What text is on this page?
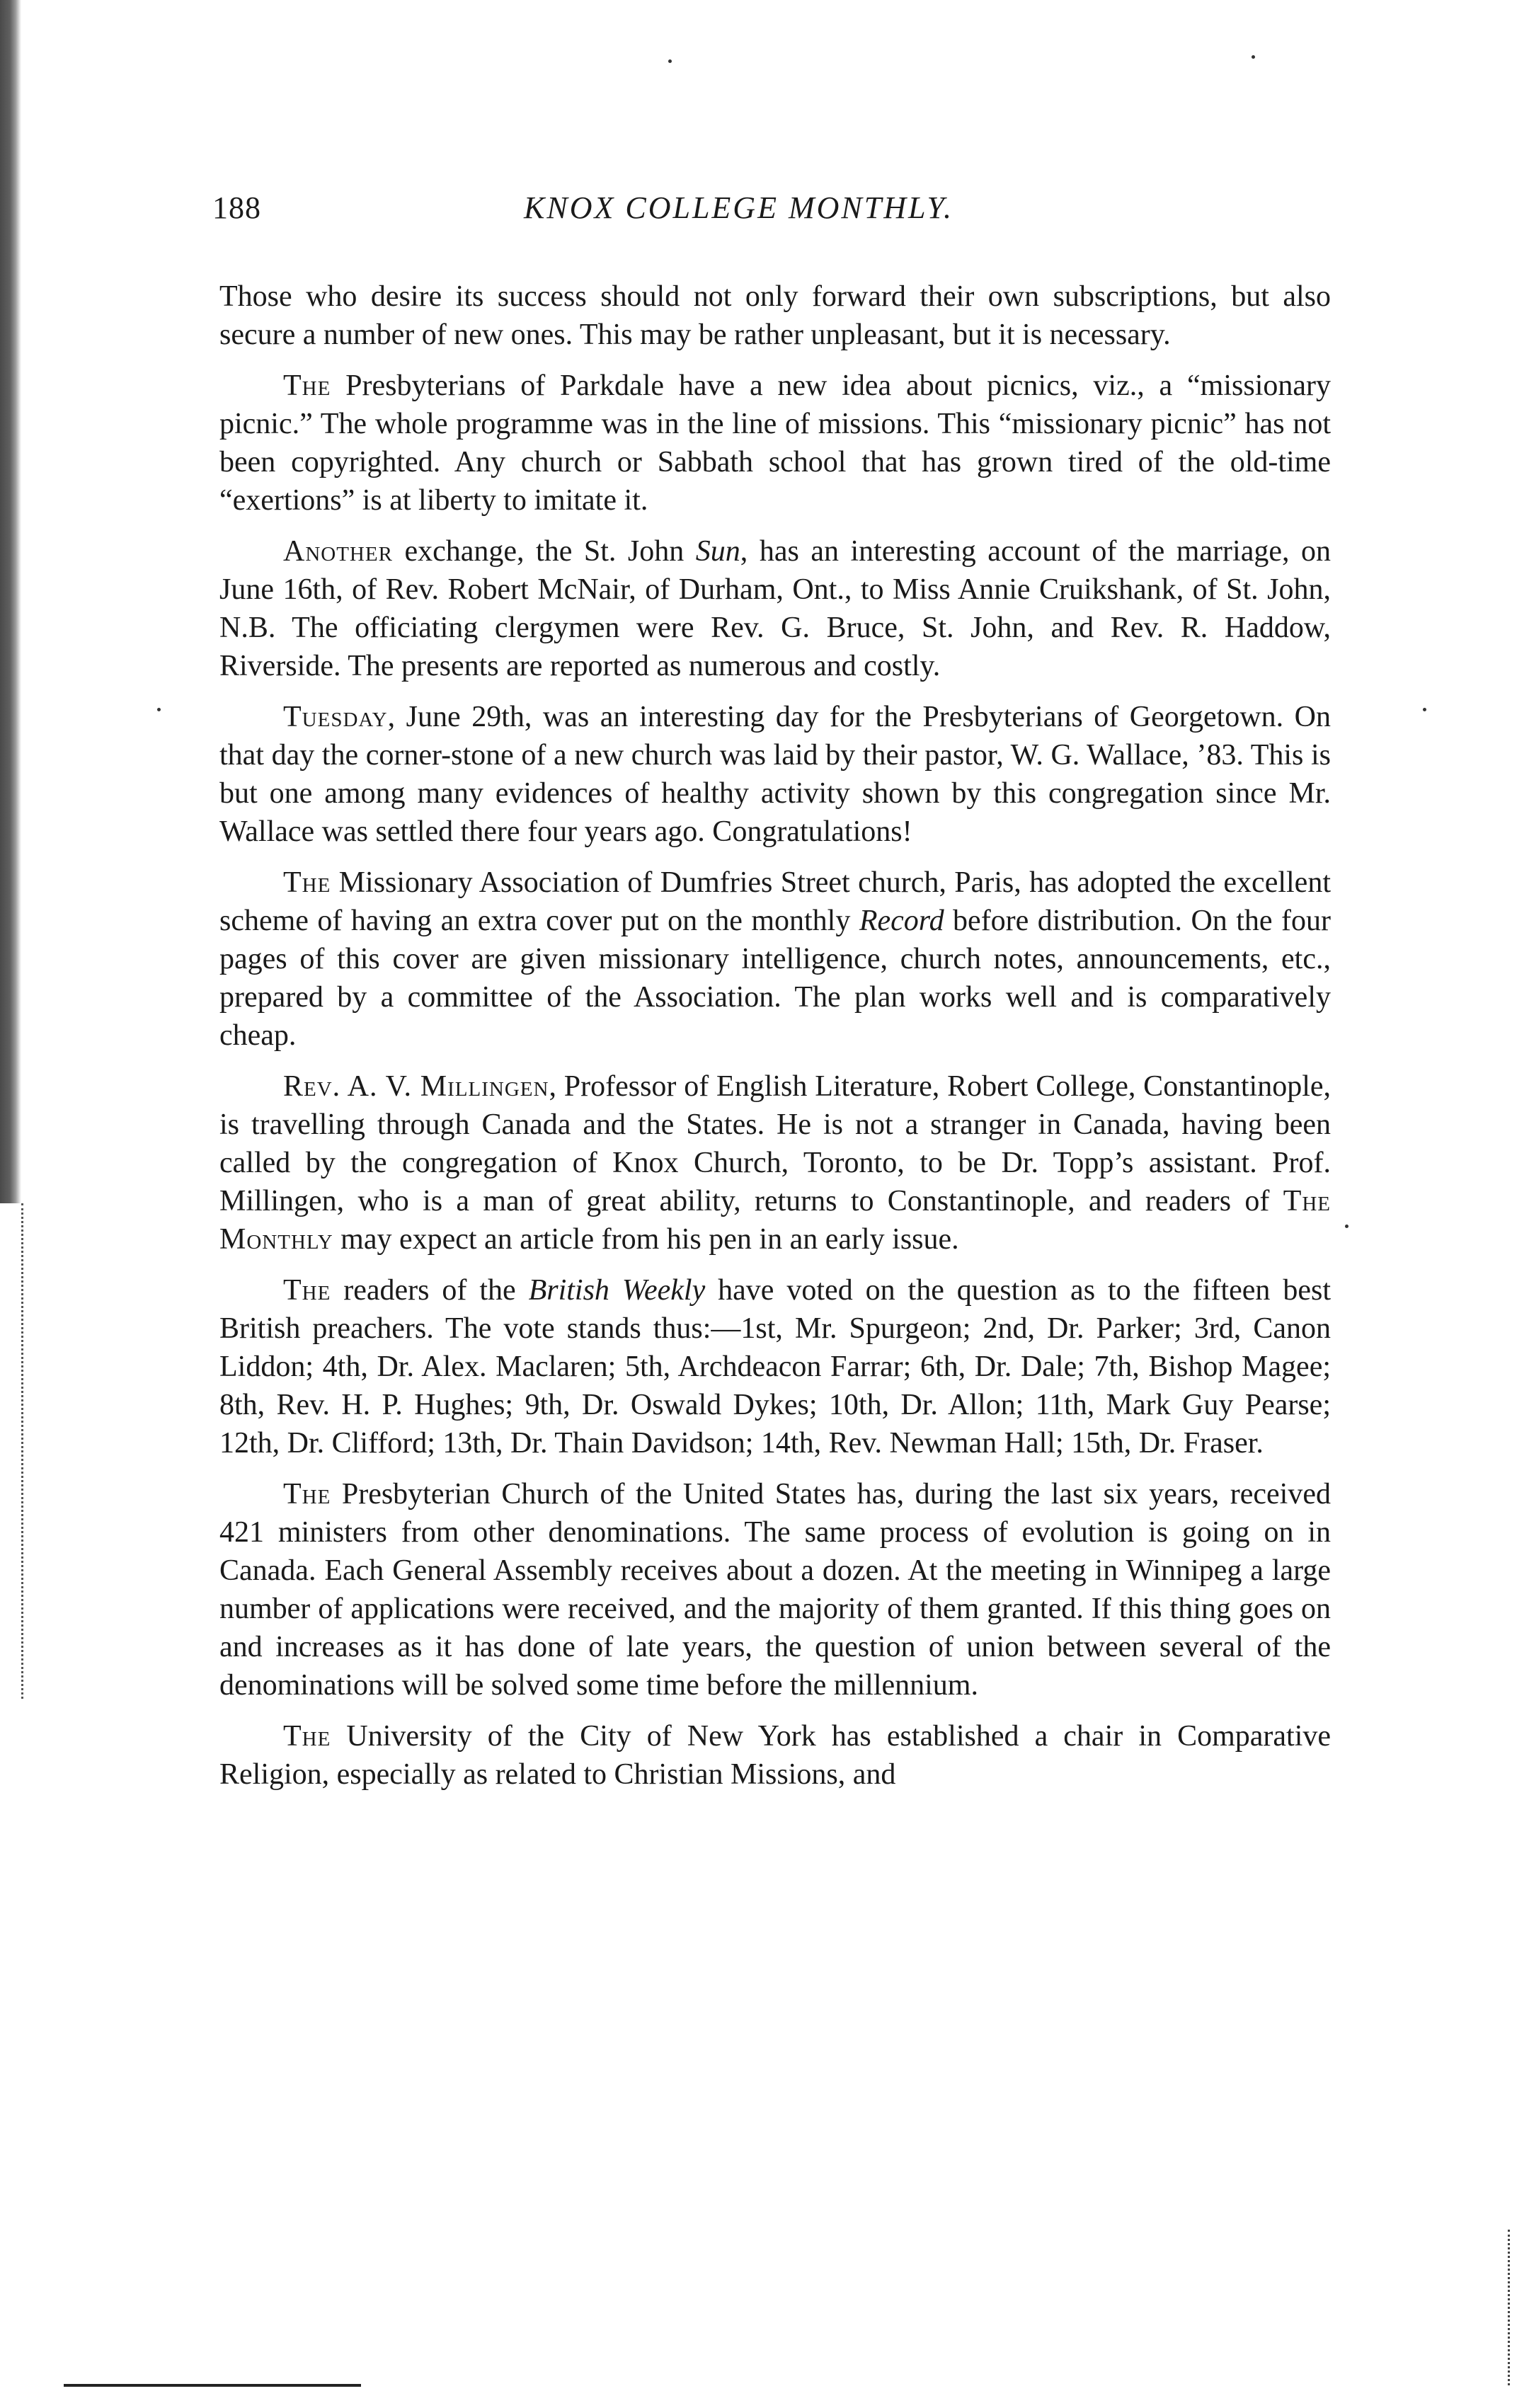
188	KNOX COLLEGE MONTHLY.

Those who desire its success should not only forward their own subscriptions, but also secure a number of new ones. This may be rather unpleasant, but it is necessary.

The Presbyterians of Parkdale have a new idea about picnics, viz., a “missionary picnic.” The whole programme was in the line of missions. This “missionary picnic” has not been copyrighted. Any church or Sabbath school that has grown tired of the old-time “exertions” is at liberty to imitate it.

Another exchange, the St. John Sun, has an interesting account of the marriage, on June 16th, of Rev. Robert McNair, of Durham, Ont., to Miss Annie Cruikshank, of St. John, N.B. The officiating clergymen were Rev. G. Bruce, St. John, and Rev. R. Haddow, Riverside. The presents are reported as numerous and costly.

Tuesday, June 29th, was an interesting day for the Presbyterians of Georgetown. On that day the corner-stone of a new church was laid by their pastor, W. G. Wallace, ’83. This is but one among many evidences of healthy activity shown by this congregation since Mr. Wallace was settled there four years ago. Congratulations!

The Missionary Association of Dumfries Street church, Paris, has adopted the excellent scheme of having an extra cover put on the monthly Record before distribution. On the four pages of this cover are given missionary intelligence, church notes, announcements, etc., prepared by a committee of the Association. The plan works well and is comparatively cheap.

Rev. A. V. Millingen, Professor of English Literature, Robert College, Constantinople, is travelling through Canada and the States. He is not a stranger in Canada, having been called by the congregation of Knox Church, Toronto, to be Dr. Topp’s assistant. Prof. Millingen, who is a man of great ability, returns to Constantinople, and readers of The Monthly may expect an article from his pen in an early issue.

The readers of the British Weekly have voted on the question as to the fifteen best British preachers. The vote stands thus:—1st, Mr. Spurgeon; 2nd, Dr. Parker; 3rd, Canon Liddon; 4th, Dr. Alex. Maclaren; 5th, Archdeacon Farrar; 6th, Dr. Dale; 7th, Bishop Magee; 8th, Rev. H. P. Hughes; 9th, Dr. Oswald Dykes; 10th, Dr. Allon; 11th, Mark Guy Pearse; 12th, Dr. Clifford; 13th, Dr. Thain Davidson; 14th, Rev. Newman Hall; 15th, Dr. Fraser.

The Presbyterian Church of the United States has, during the last six years, received 421 ministers from other denominations. The same process of evolution is going on in Canada. Each General Assembly receives about a dozen. At the meeting in Winnipeg a large number of applications were received, and the majority of them granted. If this thing goes on and increases as it has done of late years, the question of union between several of the denominations will be solved some time before the millennium.

The University of the City of New York has established a chair in Comparative Religion, especially as related to Christian Missions, and
